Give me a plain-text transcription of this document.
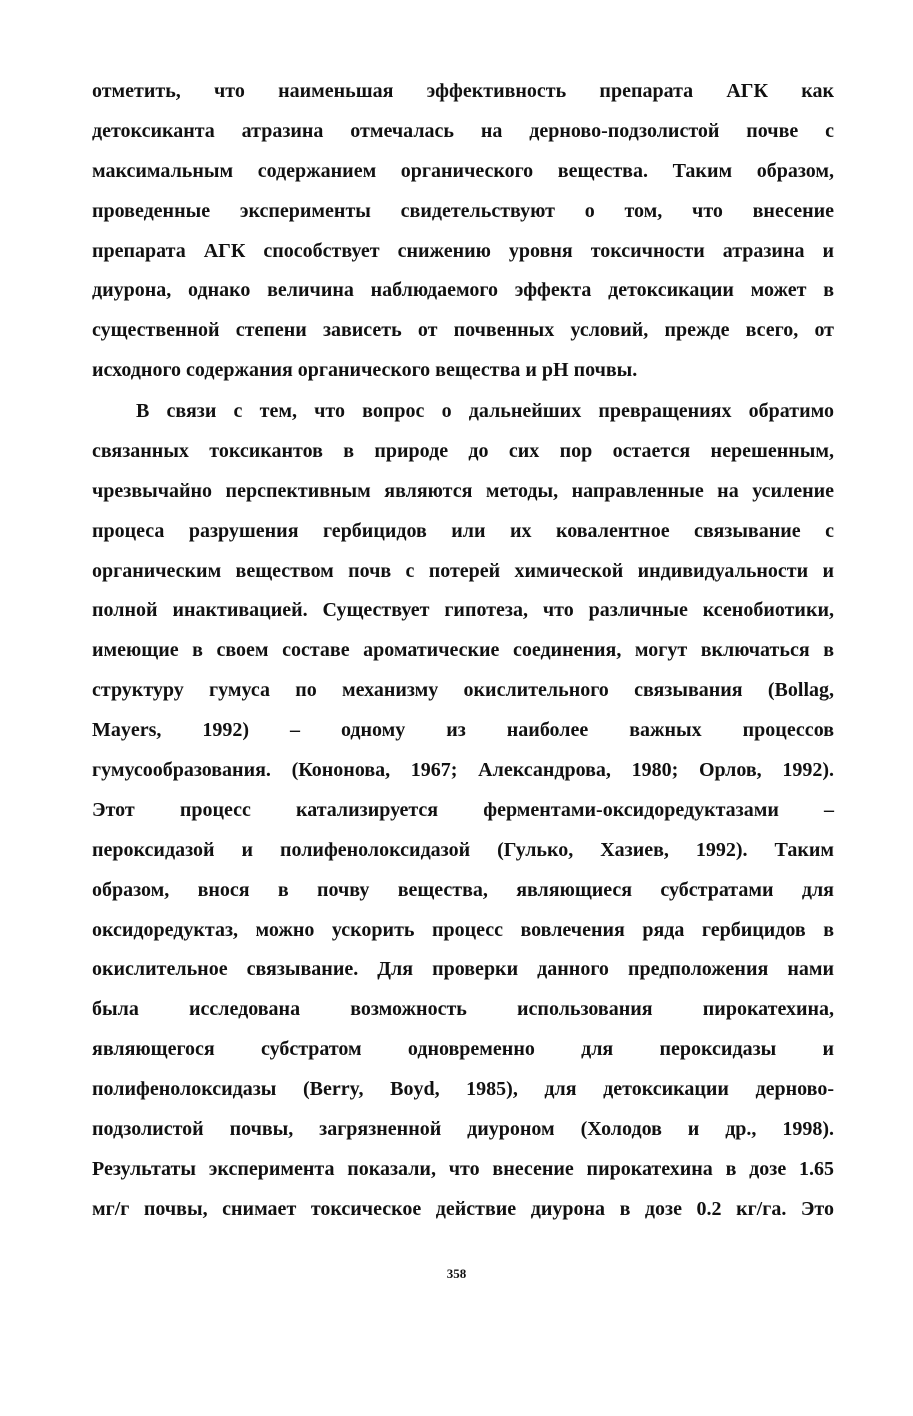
отметить, что наименьшая эффективность препарата АГК как
детоксиканта атразина отмечалась на дерново-подзолистой почве с
максимальным содержанием органического вещества. Таким образом,
проведенные эксперименты свидетельствуют о том, что внесение
препарата АГК способствует снижению уровня токсичности атразина и
диурона, однако величина наблюдаемого эффекта детоксикации может в
существенной степени зависеть от почвенных условий, прежде всего, от
исходного содержания органического вещества и pH почвы.
В связи с тем, что вопрос о дальнейших превращениях обратимо
связанных токсикантов в природе до сих пор остается нерешенным,
чрезвычайно перспективным являются методы, направленные на усиление
процеса разрушения гербицидов или их ковалентное связывание с
органическим веществом почв с потерей химической индивидуальности и
полной инактивацией. Существует гипотеза, что различные ксенобиотики,
имеющие в своем составе ароматические соединения, могут включаться в
структуру гумуса по механизму окислительного связывания (Bollag,
Mayers, 1992) – одному из наиболее важных процессов
гумусообразования. (Кононова, 1967; Александрова, 1980; Орлов, 1992).
Этот процесс катализируется ферментами-оксидоредуктазами –
пероксидазой и полифенолоксидазой (Гулько, Хазиев, 1992). Таким
образом, внося в почву вещества, являющиеся субстратами для
оксидоредуктаз, можно ускорить процесс вовлечения ряда гербицидов в
окислительное связывание. Для проверки данного предположения нами
была исследована возможность использования пирокатехина,
являющегося субстратом одновременно для пероксидазы и
полифенолоксидазы (Berry, Boyd, 1985), для детоксикации дерново-
подзолистой почвы, загрязненной диуроном (Холодов и др., 1998).
Результаты эксперимента показали, что внесение пирокатехина в дозе 1.65
мг/г почвы, снимает токсическое действие диурона в дозе 0.2 кг/га. Это
358
